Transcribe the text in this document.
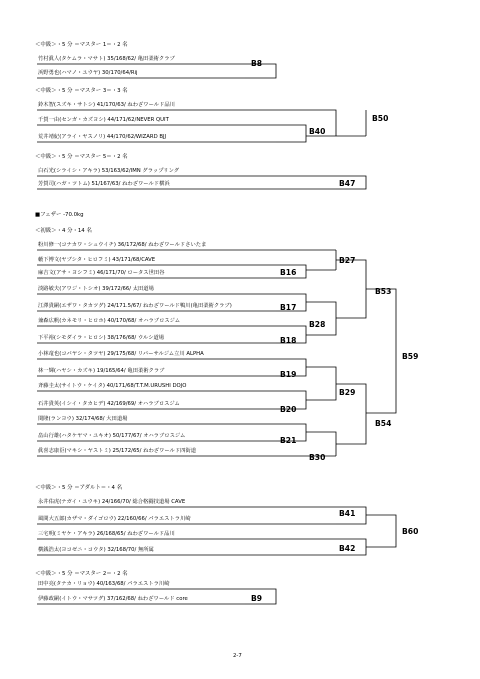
＜中級＞・5 分 ＝マスター 1＝・2 名
＜中級＞・5 分 ＝マスター 3＝・3 名
＜中級＞・5 分 ＝マスター 5＝・2 名
■フェザー -70.0kg
＜初級＞・4 分・14 名
＜中級＞・5 分 ＝アダルト＝・4 名
＜中級＞・5 分 ＝マスター 2＝・2 名
竹村眞人(タケムラ・マサト) 35/168/62/ 亀田柔術クラブ
浜野勇也(ハマノ・ユウヤ) 30/170/64/Rij
鈴木智(スズキ・サトシ) 41/170/63/ ねわざワールド品川
千賀一由(センガ・カズヨシ) 44/171/62/NEVER QUIT
荒井靖紀(アライ・ヤスノリ) 44/170/62/WIZARD BJJ
白石光(シライシ・アキラ) 53/163/62/IMN グラップリング
芳賀司(ハガ・ツトム) 51/167/63/ ねわざワールド横浜
粉川修一(コナカワ・シュウイチ) 36/172/68/ ねわざワールドさいたま
藪下博文(ヤブシタ・ヒロフミ) 43/171/68/CAVE
麻吉文(アサ・ヨシフミ) 46/171/70/ ロータス世田谷
淡路敏夫(アワジ・トシオ) 39/172/66/ 太田道場
江澤貴嗣(エザワ・タカツグ) 24/171.5/67/ ねわざワールド鴨川(亀田柔術クラブ)
兼森広帆(カネモリ・ヒロホ) 40/170/68/ オハラブロスジム
下平裕(シモダイラ・ヒロシ) 38/176/68/ ウルシ道場
小林竜也(コバヤシ・タツヤ) 29/175/68/ リバーサルジム立川 ALPHA
林一輝(ハヤシ・カズキ) 19/165/64/ 亀田柔術クラブ
斉藤圭太(サイトウ・ケイタ) 40/171/68/T.T.M.URUSHI DOJO
石井貴英(イシイ・タカヒデ) 42/169/69/ オハラブロスジム
閔隆(ランヨウ) 32/174/68/ 大田道場
畠山行雄(ハタケヤマ・ユキオ) 50/177/67/ オハラブロスジム
眞喜志康臣(マキシ・ヤストミ) 25/172/65/ ねわざワールド四街道
永井佑虎(ナガイ・ユウキ) 24/166/70/ 総合格闘技道場 CAVE
風間大五郎(カザマ・ダイゴロウ) 22/160/66/ パラエストラ川崎
三宅明(ミヤケ・アキラ) 26/168/65/ ねわざワールド品川
横銭浩太(ヨコゼニ・コウタ) 32/168/70/ 無所属
田中亮(タナカ・リョウ) 40/163/68/ パラエストラ川崎
伊藤政嗣(イトウ・マサツグ) 37/162/68/ ねわざワールド core
B8
B40
B50
B47
B27
B16
B17
B28
B18
B53
B19
B29
B20
B59
B21
B54
B30
B41
B60
B42
B9
2-7
